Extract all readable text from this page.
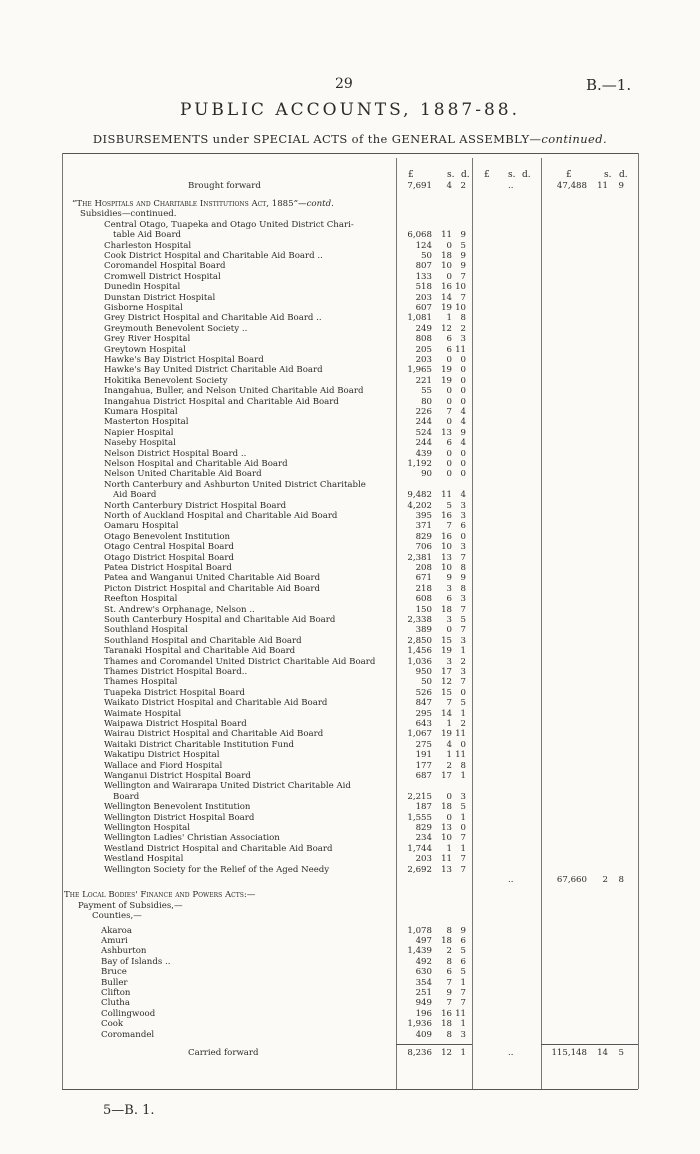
29	B.—1.
PUBLIC ACCOUNTS, 1887-88.
DISBURSEMENTS under SPECIAL ACTS of the GENERAL ASSEMBLY—continued.
£	s. d. £ s. d.	£	s. d.
Brought forward	7,691 4 2	..	47,488 11 9
“The Hospitals and Charitable Institutions Act, 1885”—contd.
Subsidies—continued.
Central Otago, Tuapeka and Otago United District Chari-
table Aid Board	6,068 11 9
Charleston Hospital	124 0 5
Cook District Hospital and Charitable Aid Board ..	50 18 9
Coromandel Hospital Board	807 10 9
Cromwell District Hospital	133 0 7
Dunedin Hospital	518 16 10
Dunstan District Hospital	203 14 7
Gisborne Hospital	607 19 10
Grey District Hospital and Charitable Aid Board ..	1,081 1 8
Greymouth Benevolent Society ..	249 12 2
Grey River Hospital	808 6 3
Greytown Hospital	205 6 11
Hawke's Bay District Hospital Board	203 0 0
Hawke's Bay United District Charitable Aid Board	1,965 19 0
Hokitika Benevolent Society	221 19 0
Inangahua, Buller, and Nelson United Charitable Aid Board	55 0 0
Inangahua District Hospital and Charitable Aid Board	80 0 0
Kumara Hospital	226 7 4
Masterton Hospital	244 0 4
Napier Hospital	524 13 9
Naseby Hospital	244 6 4
Nelson District Hospital Board ..	439 0 0
Nelson Hospital and Charitable Aid Board	1,192 0 0
Nelson United Charitable Aid Board	90 0 0
North Canterbury and Ashburton United District Charitable
Aid Board	9,482 11 4
North Canterbury District Hospital Board	4,202 5 3
North of Auckland Hospital and Charitable Aid Board	395 16 3
Oamaru Hospital	371 7 6
Otago Benevolent Institution	829 16 0
Otago Central Hospital Board	706 10 3
Otago District Hospital Board	2,381 13 7
Patea District Hospital Board	208 10 8
Patea and Wanganui United Charitable Aid Board	671 9 9
Picton District Hospital and Charitable Aid Board	218 3 8
Reefton Hospital	608 6 3
St. Andrew's Orphanage, Nelson ..	150 18 7
South Canterbury Hospital and Charitable Aid Board	2,338 3 5
Southland Hospital	389 0 7
Southland Hospital and Charitable Aid Board	2,850 15 3
Taranaki Hospital and Charitable Aid Board	1,456 19 1
Thames and Coromandel United District Charitable Aid Board	1,036 3 2
Thames District Hospital Board..	950 17 3
Thames Hospital	50 12 7
Tuapeka District Hospital Board	526 15 0
Waikato District Hospital and Charitable Aid Board	847 7 5
Waimate Hospital	295 14 1
Waipawa District Hospital Board	643 1 2
Wairau District Hospital and Charitable Aid Board	1,067 19 11
Waitaki District Charitable Institution Fund	275 4 0
Wakatipu District Hospital	191 1 11
Wallace and Fiord Hospital	177 2 8
Wanganui District Hospital Board	687 17 1
Wellington and Wairarapa United District Charitable Aid
Board	2,215 0 3
Wellington Benevolent Institution	187 18 5
Wellington District Hospital Board	1,555 0 1
Wellington Hospital	829 13 0
Wellington Ladies' Christian Association	234 10 7
Westland District Hospital and Charitable Aid Board	1,744 1 1
Westland Hospital	203 11 7
Wellington Society for the Relief of the Aged Needy	2,692 13 7
..	67,660 2 8
The Local Bodies' Finance and Powers Acts:—
Payment of Subsidies,—
Counties,—
Akaroa	1,078 8 9
Amuri	497 18 6
Ashburton	1,439 2 5
Bay of Islands ..	492 8 6
Bruce	630 6 5
Buller	354 7 1
Clifton	251 9 7
Clutha	949 7 7
Collingwood	196 16 11
Cook	1,936 18 1
Coromandel	409 8 3
Carried forward	8,236 12 1	..	115,148 14 5
5—B. 1.
